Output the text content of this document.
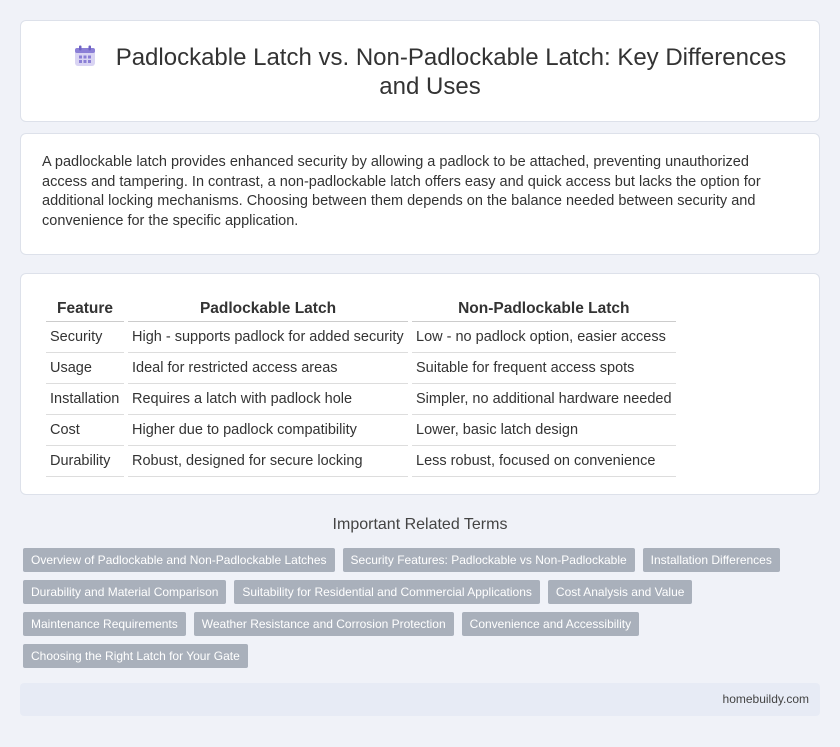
Padlockable Latch vs. Non-Padlockable Latch: Key Differences and Uses

A padlockable latch provides enhanced security by allowing a padlock to be attached, preventing unauthorized access and tampering. In contrast, a non-padlockable latch offers easy and quick access but lacks the option for additional locking mechanisms. Choosing between them depends on the balance needed between security and convenience for the specific application.

Feature	Padlockable Latch	Non-Padlockable Latch
Security	High - supports padlock for added security	Low - no padlock option, easier access
Usage	Ideal for restricted access areas	Suitable for frequent access spots
Installation	Requires a latch with padlock hole	Simpler, no additional hardware needed
Cost	Higher due to padlock compatibility	Lower, basic latch design
Durability	Robust, designed for secure locking	Less robust, focused on convenience
Important Related Terms
Overview of Padlockable and Non-Padlockable Latches	Security Features: Padlockable vs Non-Padlockable	Installation Differences
Durability and Material Comparison	Suitability for Residential and Commercial Applications	Cost Analysis and Value
Maintenance Requirements	Weather Resistance and Corrosion Protection	Convenience and Accessibility
Choosing the Right Latch for Your Gate
homebuildy.com
